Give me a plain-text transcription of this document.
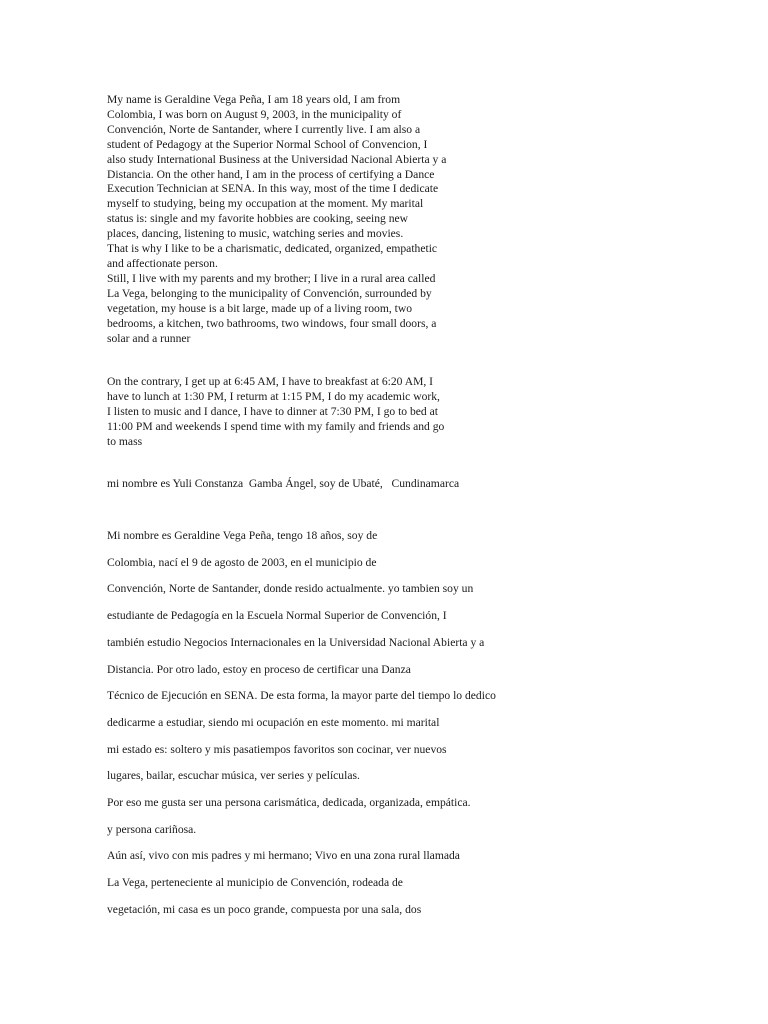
My name is Geraldine Vega Peña, I am 18 years old, I am from
Colombia, I was born on August 9, 2003, in the municipality of
Convención, Norte de Santander, where I currently live. I am also a
student of Pedagogy at the Superior Normal School of Convencion, I
also study International Business at the Universidad Nacional Abierta y a
Distancia. On the other hand, I am in the process of certifying a Dance
Execution Technician at SENA. In this way, most of the time I dedicate
myself to studying, being my occupation at the moment. My marital
status is: single and my favorite hobbies are cooking, seeing new
places, dancing, listening to music, watching series and movies.
That is why I like to be a charismatic, dedicated, organized, empathetic
and affectionate person.
Still, I live with my parents and my brother; I live in a rural area called
La Vega, belonging to the municipality of Convención, surrounded by
vegetation, my house is a bit large, made up of a living room, two
bedrooms, a kitchen, two bathrooms, two windows, four small doors, a
solar and a runner

On the contrary, I get up at 6:45 AM, I have to breakfast at 6:20 AM, I
have to lunch at 1:30 PM, I returm at 1:15 PM, I do my academic work,
I listen to music and I dance, I have to dinner at 7:30 PM, I go to bed at
11:00 PM and weekends I spend time with my family and friends and go
to mass

mi nombre es Yuli Constanza  Gamba Ángel, soy de Ubaté,   Cundinamarca

Mi nombre es Geraldine Vega Peña, tengo 18 años, soy de
Colombia, nací el 9 de agosto de 2003, en el municipio de
Convención, Norte de Santander, donde resido actualmente. yo tambien soy un
estudiante de Pedagogía en la Escuela Normal Superior de Convención, I
también estudio Negocios Internacionales en la Universidad Nacional Abierta y a
Distancia. Por otro lado, estoy en proceso de certificar una Danza
Técnico de Ejecución en SENA. De esta forma, la mayor parte del tiempo lo dedico
dedicarme a estudiar, siendo mi ocupación en este momento. mi marital
mi estado es: soltero y mis pasatiempos favoritos son cocinar, ver nuevos
lugares, bailar, escuchar música, ver series y películas.
Por eso me gusta ser una persona carismática, dedicada, organizada, empática.
y persona cariñosa.
Aún así, vivo con mis padres y mi hermano; Vivo en una zona rural llamada
La Vega, perteneciente al municipio de Convención, rodeada de
vegetación, mi casa es un poco grande, compuesta por una sala, dos
